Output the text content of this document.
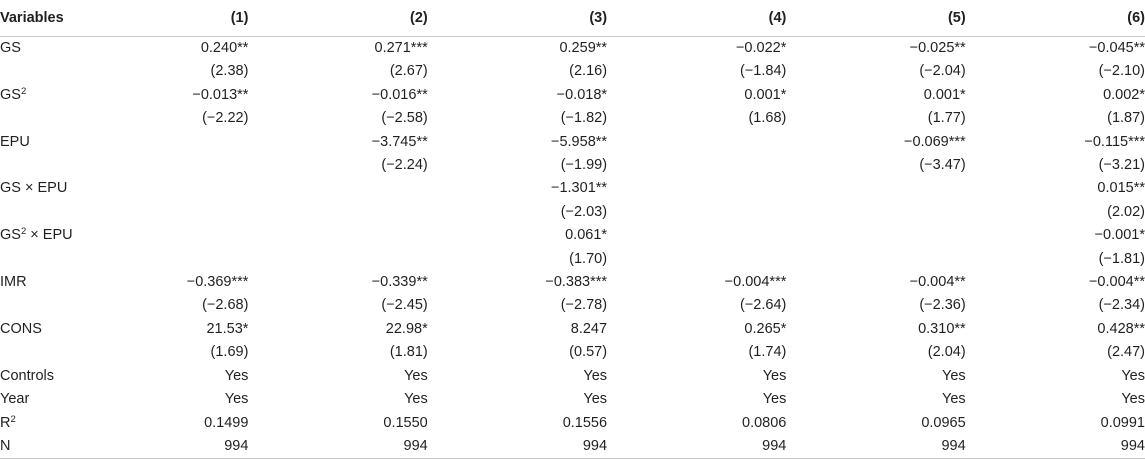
Variables	(1)	(2)	(3)	(4)	(5)	(6)
GS	0.240**	0.271***	0.259**	−0.022*	−0.025**	−0.045**
	(2.38)	(2.67)	(2.16)	(−1.84)	(−2.04)	(−2.10)
$GS^2$	−0.013**	−0.016**	−0.018*	0.001*	0.001*	0.002*
	(−2.22)	(−2.58)	(−1.82)	(1.68)	(1.77)	(1.87)
EPU		−3.745**	−5.958**		−0.069***	−0.115***
		(−2.24)	(−1.99)		(−3.47)	(−3.21)
GS × EPU			−1.301**			0.015**
			(−2.03)			(2.02)
$GS^2$ × EPU			0.061*			−0.001*
			(1.70)			(−1.81)
IMR	−0.369***	−0.339**	−0.383***	−0.004***	−0.004**	−0.004**
	(−2.68)	(−2.45)	(−2.78)	(−2.64)	(−2.36)	(−2.34)
CONS	21.53*	22.98*	8.247	0.265*	0.310**	0.428**
	(1.69)	(1.81)	(0.57)	(1.74)	(2.04)	(2.47)
Controls	Yes	Yes	Yes	Yes	Yes	Yes
Year	Yes	Yes	Yes	Yes	Yes	Yes
$R^2$	0.1499	0.1550	0.1556	0.0806	0.0965	0.0991
N	994	994	994	994	994	994
